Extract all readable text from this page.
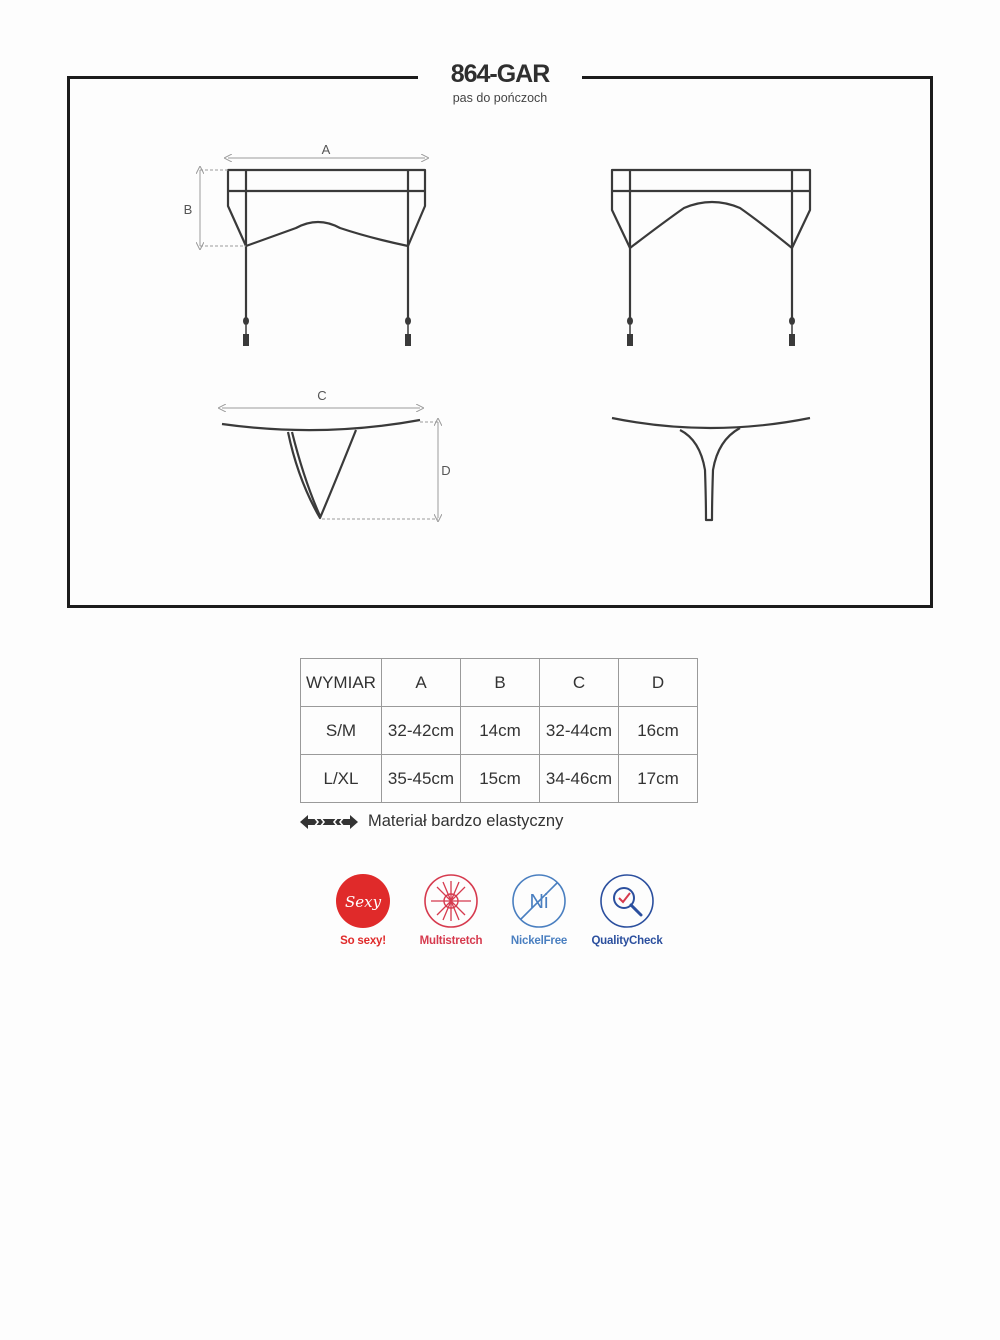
A
B
C
D
864-GAR
pas do pończoch
WYMIAR	A	B	C	D
S/M	32-42cm	14cm	32-44cm	16cm
L/XL	35-45cm	15cm	34-46cm	17cm
Materiał bardzo elastyczny
Sexy
So sexy!	Multistretch
Ni
NickelFree	QualityCheck
